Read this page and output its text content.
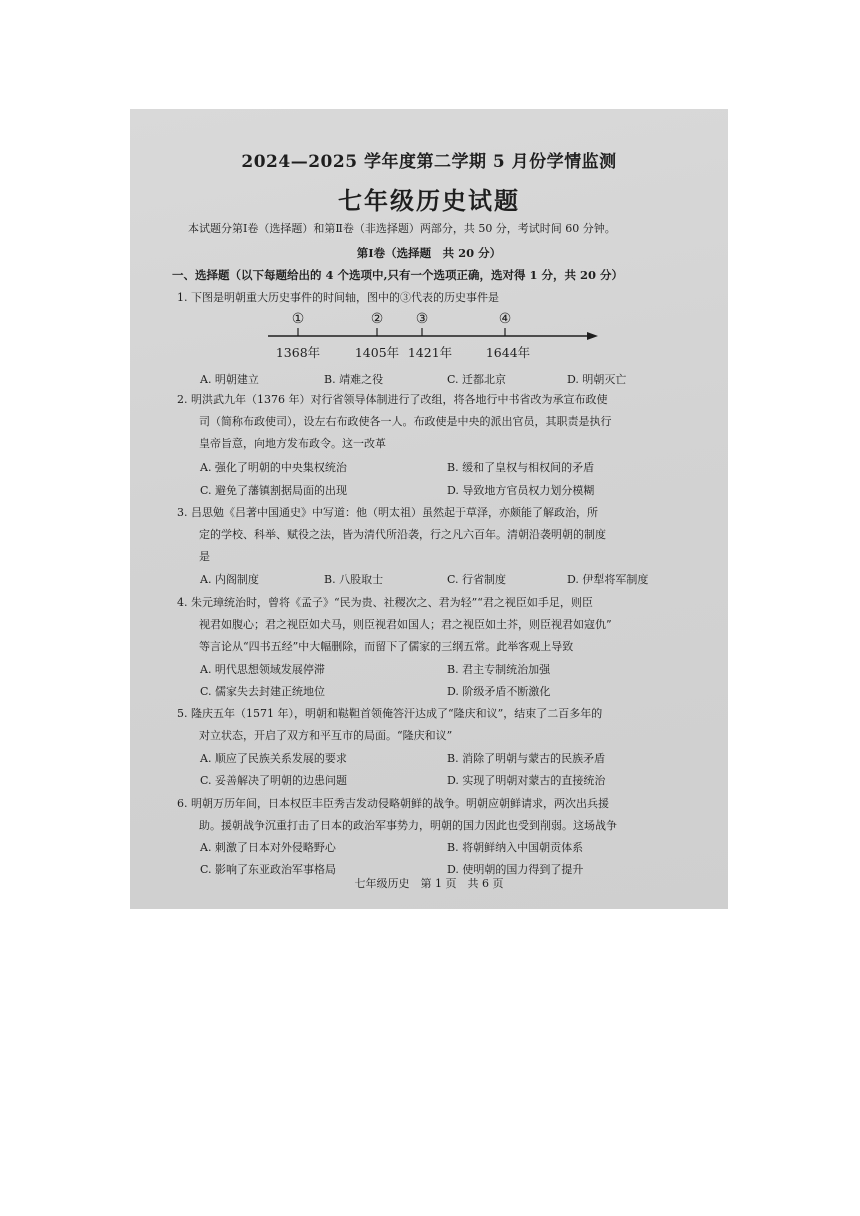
2024—2025 学年度第二学期 5 月份学情监测
七年级历史试题
本试题分第Ⅰ卷（选择题）和第Ⅱ卷（非选择题）两部分，共 50 分，考试时间 60 分钟。
第Ⅰ卷（选择题　共 20 分）
一、选择题（以下每题给出的 4 个选项中,只有一个选项正确，选对得 1 分，共 20 分）
1. 下图是明朝重大历史事件的时间轴，图中的③代表的历史事件是
①	② ③	④
1368年	1405年 1421年	1644年
A. 明朝建立	B. 靖难之役	C. 迁都北京	D. 明朝灭亡
2. 明洪武九年（1376 年）对行省领导体制进行了改组，将各地行中书省改为承宣布政使
司（简称布政使司），设左右布政使各一人。布政使是中央的派出官员，其职责是执行
皇帝旨意，向地方发布政令。这一改革
A. 强化了明朝的中央集权统治	B. 缓和了皇权与相权间的矛盾
C. 避免了藩镇割据局面的出现	D. 导致地方官员权力划分模糊
3. 吕思勉《吕著中国通史》中写道：他（明太祖）虽然起于草泽，亦颇能了解政治，所
定的学校、科举、赋役之法，皆为清代所沿袭，行之凡六百年。清朝沿袭明朝的制度
是
A. 内阁制度	B. 八股取士	C. 行省制度	D. 伊犁将军制度
4. 朱元璋统治时，曾将《孟子》“民为贵、社稷次之、君为轻”“君之视臣如手足，则臣
视君如腹心；君之视臣如犬马，则臣视君如国人；君之视臣如土芥，则臣视君如寇仇”
等言论从“四书五经”中大幅删除，而留下了儒家的三纲五常。此举客观上导致
A. 明代思想领域发展停滞	B. 君主专制统治加强
C. 儒家失去封建正统地位	D. 阶级矛盾不断激化
5. 隆庆五年（1571 年），明朝和鞑靼首领俺答汗达成了“隆庆和议”，结束了二百多年的
对立状态，开启了双方和平互市的局面。“隆庆和议”
A. 顺应了民族关系发展的要求	B. 消除了明朝与蒙古的民族矛盾
C. 妥善解决了明朝的边患问题	D. 实现了明朝对蒙古的直接统治
6. 明朝万历年间，日本权臣丰臣秀吉发动侵略朝鲜的战争。明朝应朝鲜请求，两次出兵援
助。援朝战争沉重打击了日本的政治军事势力，明朝的国力因此也受到削弱。这场战争
A. 刺激了日本对外侵略野心	B. 将朝鲜纳入中国朝贡体系
C. 影响了东亚政治军事格局	D. 使明朝的国力得到了提升
七年级历史　第 1 页　共 6 页
